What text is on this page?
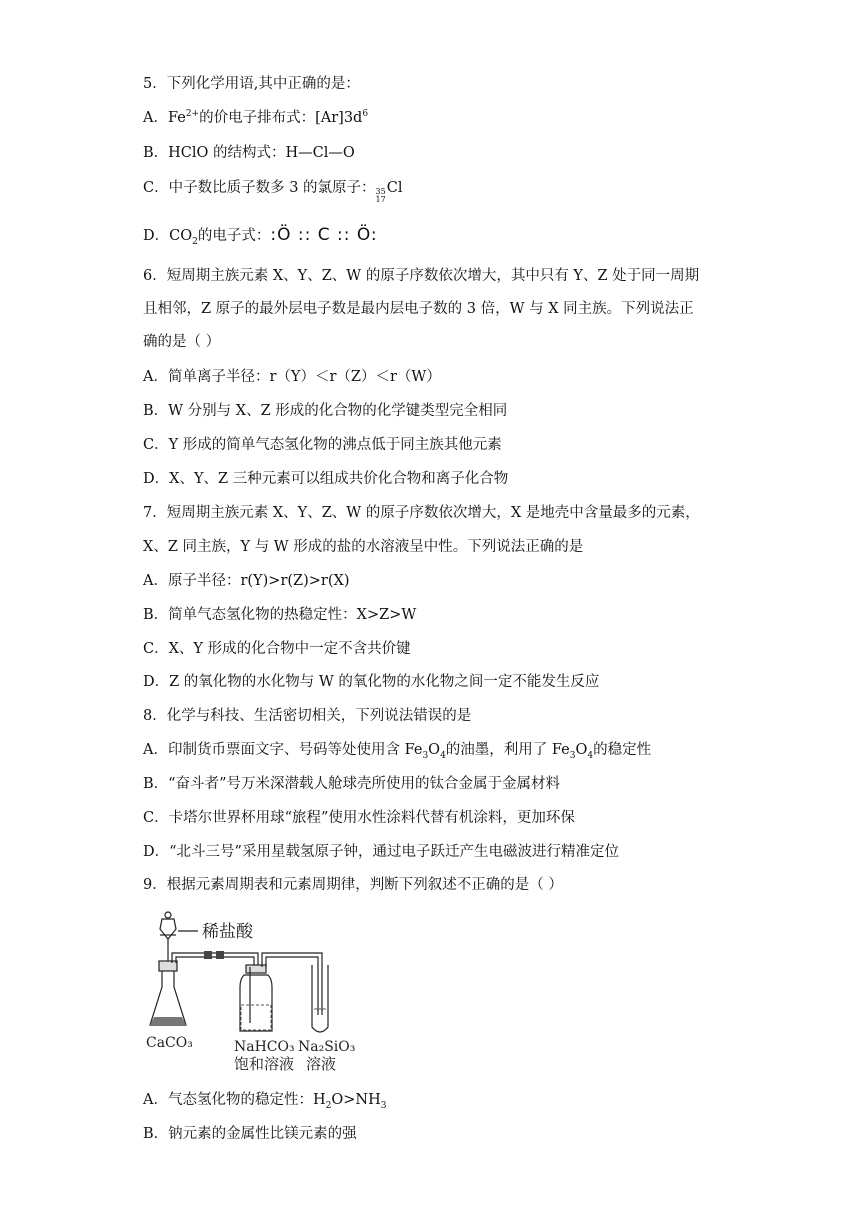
5．下列化学用语,其中正确的是：
A．$Fe^{2+}$的价电子排布式：$[Ar]3d^6$
B．HClO 的结构式：H—Cl—O
C．中子数比质子数多 3 的氯原子： 35
17
Cl
D．$CO_2$的电子式：:Ö :: C :: Ö:
6．短周期主族元素 X、Y、Z、W 的原子序数依次增大，其中只有 Y、Z 处于同一周期
且相邻，Z 原子的最外层电子数是最内层电子数的 3 倍，W 与 X 同主族。下列说法正
确的是（ ）
A．简单离子半径：r（Y）＜r（Z）＜r（W）
B．W 分别与 X、Z 形成的化合物的化学键类型完全相同
C．Y 形成的简单气态氢化物的沸点低于同主族其他元素
D．X、Y、Z 三种元素可以组成共价化合物和离子化合物
7．短周期主族元素 X、Y、Z、W 的原子序数依次增大，X 是地壳中含量最多的元素，
X、Z 同主族，Y 与 W 形成的盐的水溶液呈中性。下列说法正确的是
A．原子半径：r(Y)>r(Z)>r(X)
B．简单气态氢化物的热稳定性：X>Z>W
C．X、Y 形成的化合物中一定不含共价键
D．Z 的氧化物的水化物与 W 的氧化物的水化物之间一定不能发生反应
8．化学与科技、生活密切相关，下列说法错误的是
A．印制货币票面文字、号码等处使用含 $Fe_3O_4$的油墨，利用了 $Fe_3O_4$的稳定性
B．“奋斗者”号万米深潜载人舱球壳所使用的钛合金属于金属材料
C．卡塔尔世界杯用球“旅程”使用水性涂料代替有机涂料，更加环保
D．“北斗三号”采用星载氢原子钟，通过电子跃迁产生电磁波进行精准定位
9．根据元素周期表和元素周期律，判断下列叙述不正确的是（ ）
稀盐酸
CaCO₃	NaHCO₃
饱和溶液
Na₂SiO₃
溶液
A．气态氢化物的稳定性：$H_2O>NH_3$
B．钠元素的金属性比镁元素的强
